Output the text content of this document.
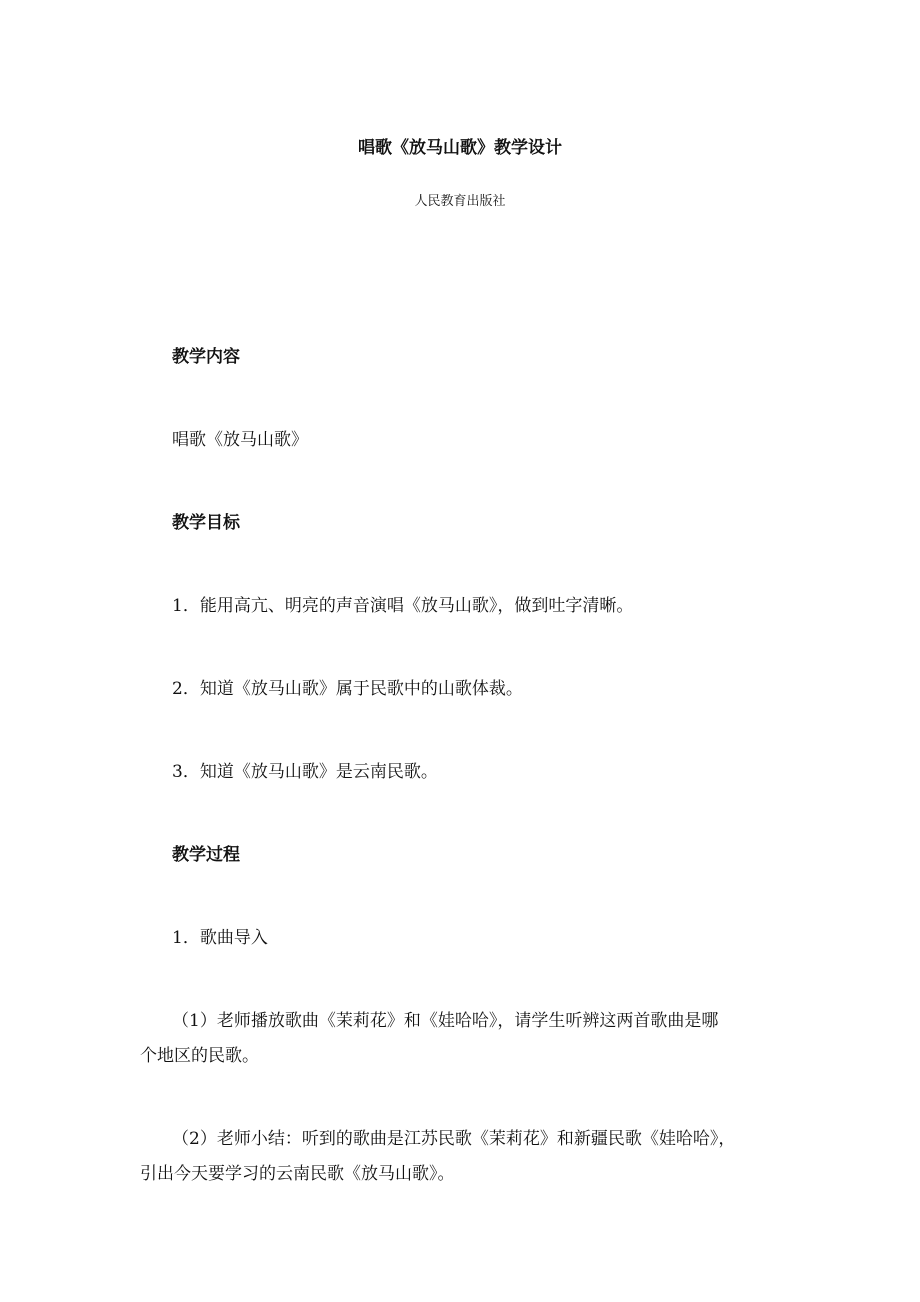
唱歌《放马山歌》教学设计
人民教育出版社
教学内容
唱歌《放马山歌》
教学目标
1．能用高亢、明亮的声音演唱《放马山歌》，做到吐字清晰。
2．知道《放马山歌》属于民歌中的山歌体裁。
3．知道《放马山歌》是云南民歌。
教学过程
1．歌曲导入
（1）老师播放歌曲《茉莉花》和《娃哈哈》，请学生听辨这两首歌曲是哪
个地区的民歌。
（2）老师小结：听到的歌曲是江苏民歌《茉莉花》和新疆民歌《娃哈哈》，
引出今天要学习的云南民歌《放马山歌》。
